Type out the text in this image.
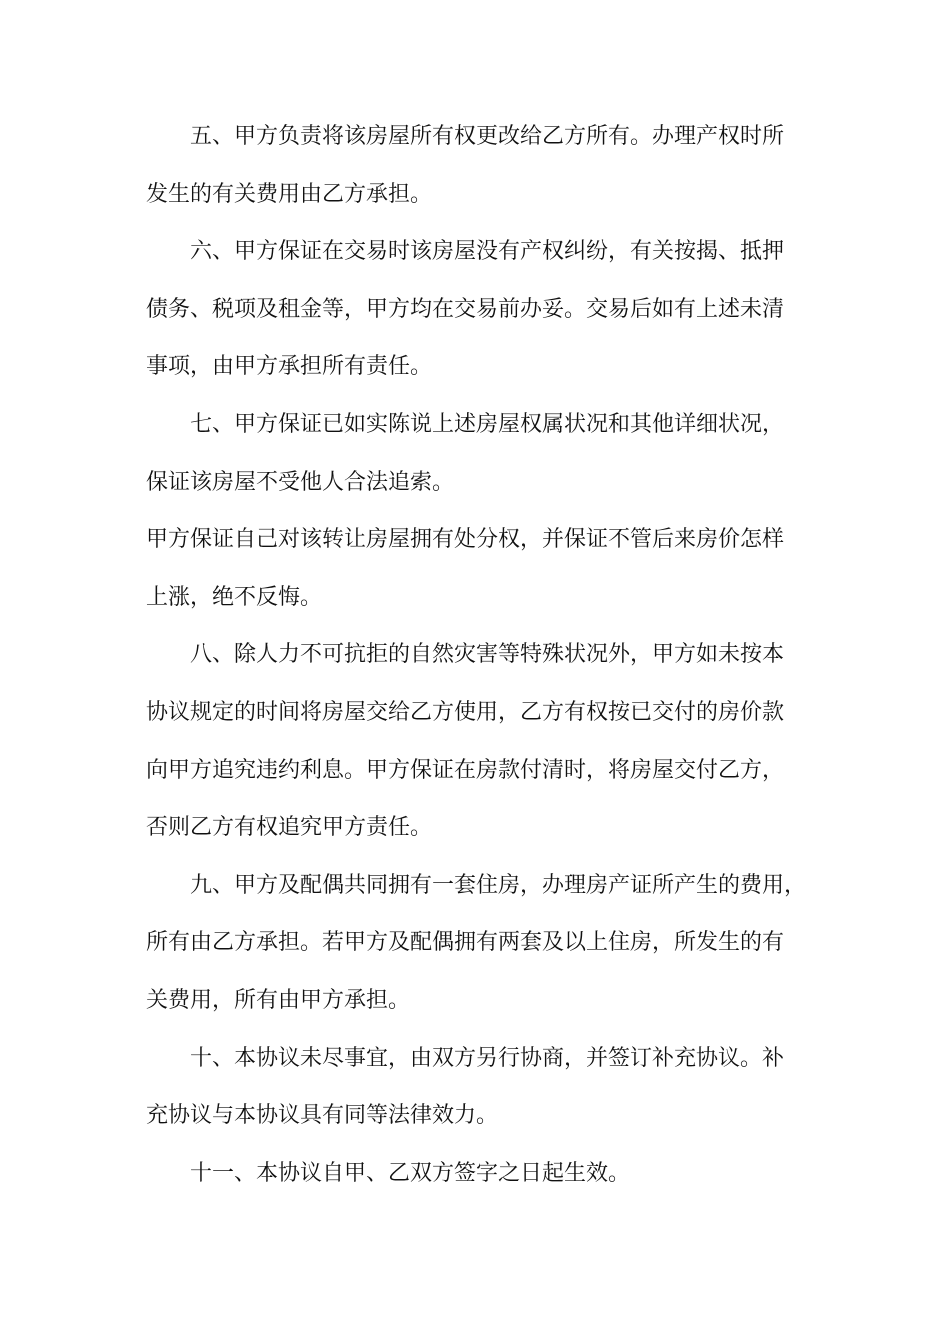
五、甲方负责将该房屋所有权更改给乙方所有。办理产权时所
发生的有关费用由乙方承担。
六、甲方保证在交易时该房屋没有产权纠纷，有关按揭、抵押
债务、税项及租金等，甲方均在交易前办妥。交易后如有上述未清
事项，由甲方承担所有责任。
七、甲方保证已如实陈说上述房屋权属状况和其他详细状况，
保证该房屋不受他人合法追索。
甲方保证自己对该转让房屋拥有处分权，并保证不管后来房价怎样
上涨，绝不反悔。
八、除人力不可抗拒的自然灾害等特殊状况外，甲方如未按本
协议规定的时间将房屋交给乙方使用，乙方有权按已交付的房价款
向甲方追究违约利息。甲方保证在房款付清时，将房屋交付乙方，
否则乙方有权追究甲方责任。
九、甲方及配偶共同拥有一套住房，办理房产证所产生的费用，
所有由乙方承担。若甲方及配偶拥有两套及以上住房，所发生的有
关费用，所有由甲方承担。
十、本协议未尽事宜，由双方另行协商，并签订补充协议。补
充协议与本协议具有同等法律效力。
十一、本协议自甲、乙双方签字之日起生效。
